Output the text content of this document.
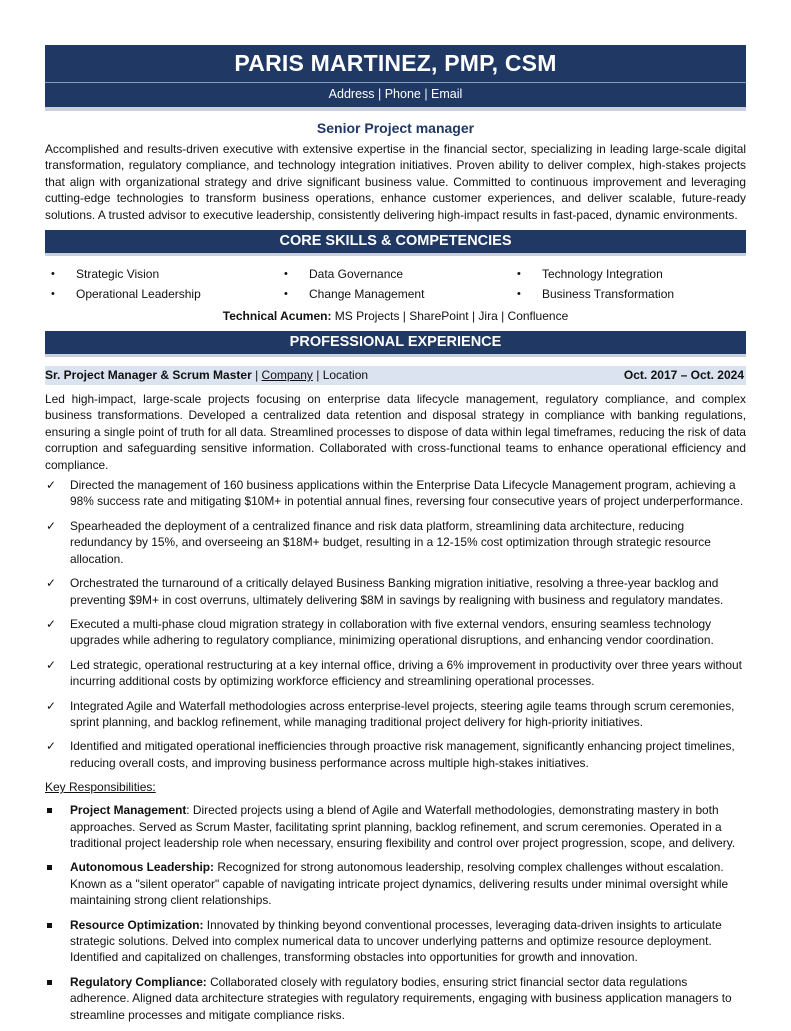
PARIS MARTINEZ, PMP, CSM
Address | Phone | Email
Senior Project manager
Accomplished and results-driven executive with extensive expertise in the financial sector, specializing in leading large-scale digital transformation, regulatory compliance, and technology integration initiatives. Proven ability to deliver complex, high-stakes projects that align with organizational strategy and drive significant business value. Committed to continuous improvement and leveraging cutting-edge technologies to transform business operations, enhance customer experiences, and deliver scalable, future-ready solutions. A trusted advisor to executive leadership, consistently delivering high-impact results in fast-paced, dynamic environments.
CORE SKILLS & COMPETENCIES
• Strategic Vision	• Data Governance	• Technology Integration
• Operational Leadership	• Change Management	• Business Transformation
Technical Acumen: MS Projects | SharePoint | Jira | Confluence
PROFESSIONAL EXPERIENCE
Sr. Project Manager & Scrum Master | Company | Location	Oct. 2017 – Oct. 2024
Led high-impact, large-scale projects focusing on enterprise data lifecycle management, regulatory compliance, and complex business transformations. Developed a centralized data retention and disposal strategy in compliance with banking regulations, ensuring a single point of truth for all data. Streamlined processes to dispose of data within legal timeframes, reducing the risk of data corruption and safeguarding sensitive information. Collaborated with cross-functional teams to enhance operational efficiency and compliance.
✓ Directed the management of 160 business applications within the Enterprise Data Lifecycle Management program, achieving a 98% success rate and mitigating $10M+ in potential annual fines, reversing four consecutive years of project underperformance.
✓ Spearheaded the deployment of a centralized finance and risk data platform, streamlining data architecture, reducing redundancy by 15%, and overseeing an $18M+ budget, resulting in a 12-15% cost optimization through strategic resource allocation.
✓ Orchestrated the turnaround of a critically delayed Business Banking migration initiative, resolving a three-year backlog and preventing $9M+ in cost overruns, ultimately delivering $8M in savings by realigning with business and regulatory mandates.
✓ Executed a multi-phase cloud migration strategy in collaboration with five external vendors, ensuring seamless technology upgrades while adhering to regulatory compliance, minimizing operational disruptions, and enhancing vendor coordination.
✓ Led strategic, operational restructuring at a key internal office, driving a 6% improvement in productivity over three years without incurring additional costs by optimizing workforce efficiency and streamlining operational processes.
✓ Integrated Agile and Waterfall methodologies across enterprise-level projects, steering agile teams through scrum ceremonies, sprint planning, and backlog refinement, while managing traditional project delivery for high-priority initiatives.
✓ Identified and mitigated operational inefficiencies through proactive risk management, significantly enhancing project timelines, reducing overall costs, and improving business performance across multiple high-stakes initiatives.
Key Responsibilities:
Project Management: Directed projects using a blend of Agile and Waterfall methodologies, demonstrating mastery in both approaches. Served as Scrum Master, facilitating sprint planning, backlog refinement, and scrum ceremonies. Operated in a traditional project leadership role when necessary, ensuring flexibility and control over project progression, scope, and delivery.
Autonomous Leadership: Recognized for strong autonomous leadership, resolving complex challenges without escalation. Known as a "silent operator" capable of navigating intricate project dynamics, delivering results under minimal oversight while maintaining strong client relationships.
Resource Optimization: Innovated by thinking beyond conventional processes, leveraging data-driven insights to articulate strategic solutions. Delved into complex numerical data to uncover underlying patterns and optimize resource deployment. Identified and capitalized on challenges, transforming obstacles into opportunities for growth and innovation.
Regulatory Compliance: Collaborated closely with regulatory bodies, ensuring strict financial sector data regulations adherence. Aligned data architecture strategies with regulatory requirements, engaging with business application managers to streamline processes and mitigate compliance risks.
